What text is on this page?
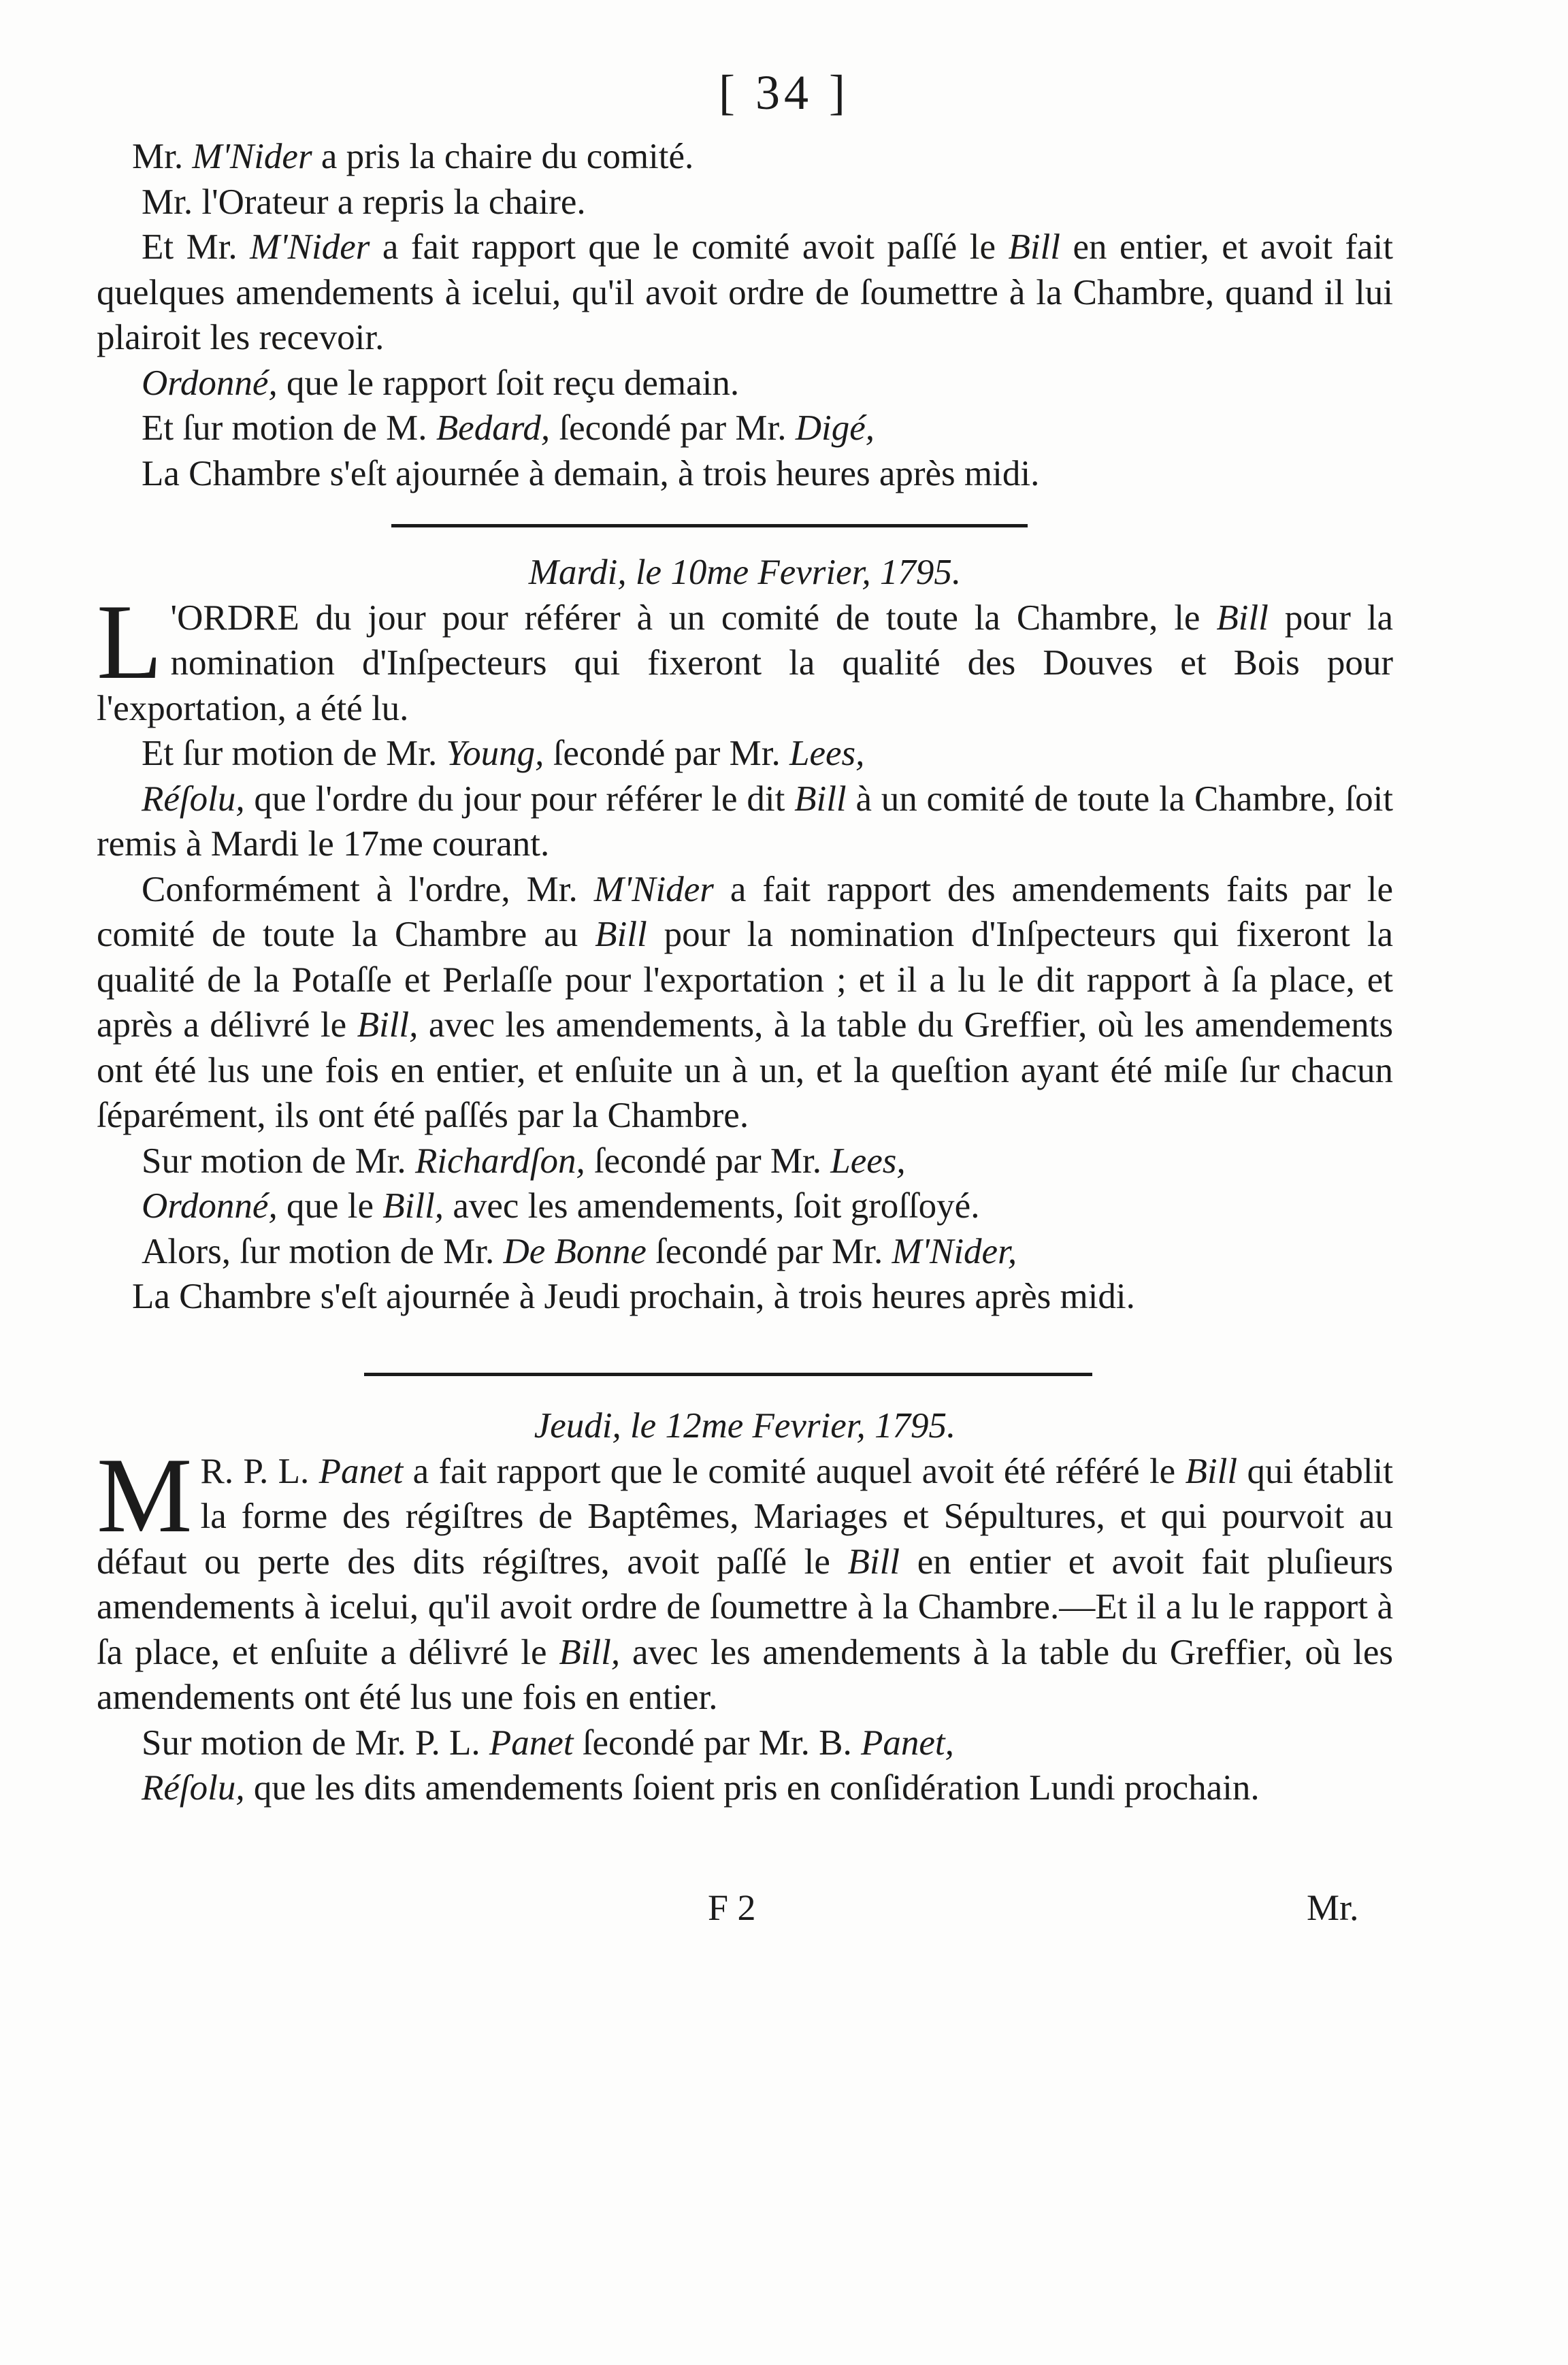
[ 34 ]

Mr. M'Nider a pris la chaire du comité.

Mr. l'Orateur a repris la chaire.

Et Mr. M'Nider a fait rapport que le comité avoit paſſé le Bill en entier, et avoit fait quelques amendements à icelui, qu'il avoit ordre de ſoumettre à la Chambre, quand il lui plairoit les recevoir.

Ordonné, que le rapport ſoit reçu demain.

Et ſur motion de M. Bedard, ſecondé par Mr. Digé,

La Chambre s'eſt ajournée à demain, à trois heures après midi.

Mardi, le 10me Fevrier, 1795.

L 'ORDRE du jour pour référer à un comité de toute la Chambre, le Bill pour la nomination d'Inſpecteurs qui fixeront la qualité des Douves et Bois pour l'exportation, a été lu.

Et ſur motion de Mr. Young, ſecondé par Mr. Lees,

Réſolu, que l'ordre du jour pour référer le dit Bill à un comité de toute la Chambre, ſoit remis à Mardi le 17me courant.

Conformément à l'ordre, Mr. M'Nider a fait rapport des amendements faits par le comité de toute la Chambre au Bill pour la nomination d'Inſpecteurs qui fixeront la qualité de la Potaſſe et Perlaſſe pour l'exportation ; et il a lu le dit rapport à ſa place, et après a délivré le Bill, avec les amendements, à la table du Greffier, où les amendements ont été lus une fois en entier, et enſuite un à un, et la queſtion ayant été miſe ſur chacun ſéparément, ils ont été paſſés par la Chambre.

Sur motion de Mr. Richardſon, ſecondé par Mr. Lees,

Ordonné, que le Bill, avec les amendements, ſoit groſſoyé.

Alors, ſur motion de Mr. De Bonne ſecondé par Mr. M'Nider,

La Chambre s'eſt ajournée à Jeudi prochain, à trois heures après midi.

Jeudi, le 12me Fevrier, 1795.

M R. P. L. Panet a fait rapport que le comité auquel avoit été référé le Bill qui établit la forme des régiſtres de Baptêmes, Mariages et Sépultures, et qui pourvoit au défaut ou perte des dits régiſtres, avoit paſſé le Bill en entier et avoit fait pluſieurs amendements à icelui, qu'il avoit ordre de ſoumettre à la Chambre.—Et il a lu le rapport à ſa place, et enſuite a délivré le Bill, avec les amendements à la table du Greffier, où les amendements ont été lus une fois en entier.

Sur motion de Mr. P. L. Panet ſecondé par Mr. B. Panet,

Réſolu, que les dits amendements ſoient pris en conſidération Lundi prochain.

F 2	Mr.
